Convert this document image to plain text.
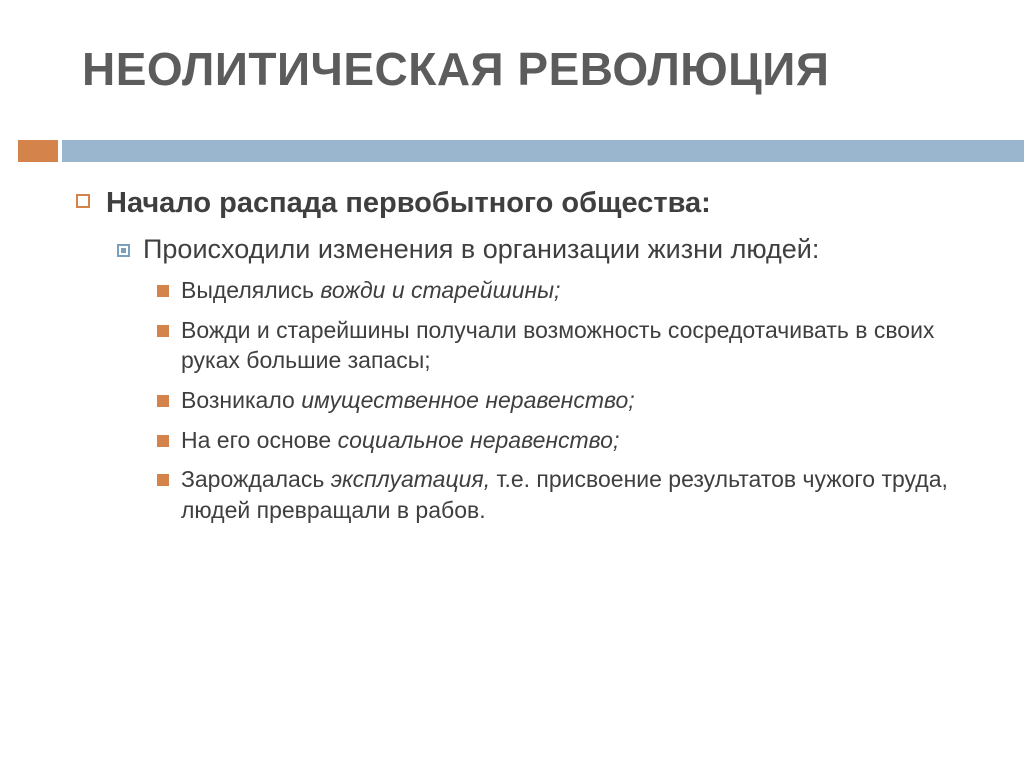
НЕОЛИТИЧЕСКАЯ РЕВОЛЮЦИЯ
Начало распада первобытного общества:
Происходили изменения в организации жизни людей:
Выделялись вожди и старейшины;
Вожди и старейшины получали возможность сосредотачивать в своих руках большие запасы;
Возникало имущественное неравенство;
На его основе социальное неравенство;
Зарождалась эксплуатация, т.е. присвоение результатов чужого труда, людей превращали в рабов.
